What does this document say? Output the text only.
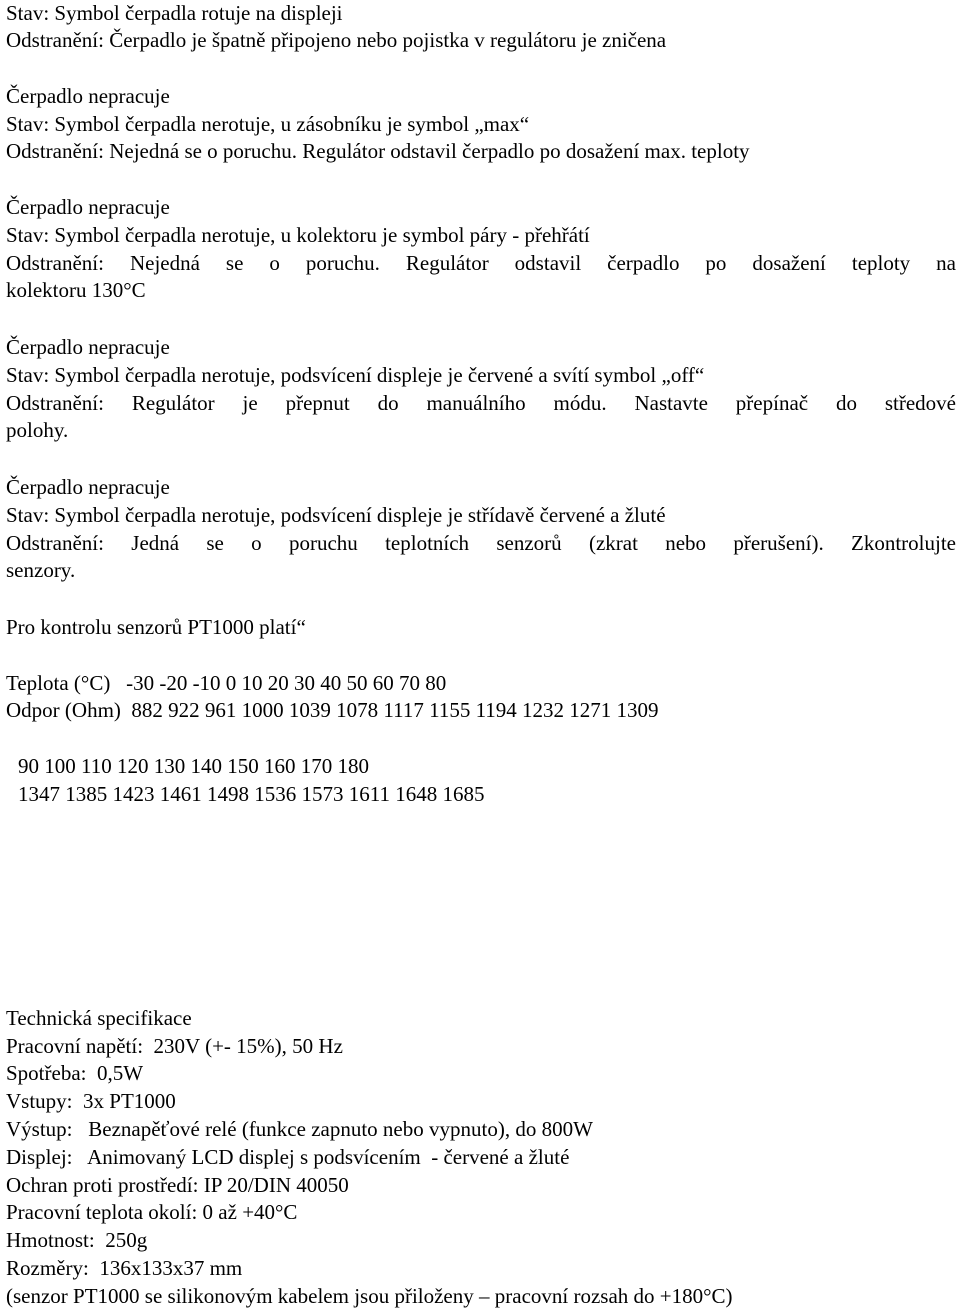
Stav: Symbol čerpadla rotuje na displeji
Odstranění: Čerpadlo je špatně připojeno nebo pojistka v regulátoru je zničena
Čerpadlo nepracuje
Stav: Symbol čerpadla nerotuje, u zásobníku je symbol „max“
Odstranění: Nejedná se o poruchu. Regulátor odstavil čerpadlo po dosažení max. teploty
Čerpadlo nepracuje
Stav: Symbol čerpadla nerotuje, u kolektoru je symbol páry - přehřátí
Odstranění: Nejedná se o poruchu. Regulátor odstavil čerpadlo po dosažení teploty na
kolektoru 130°C
Čerpadlo nepracuje
Stav: Symbol čerpadla nerotuje, podsvícení displeje je červené a svítí symbol „off“
Odstranění: Regulátor je přepnut do manuálního módu. Nastavte přepínač do středové
polohy.
Čerpadlo nepracuje
Stav: Symbol čerpadla nerotuje, podsvícení displeje je střídavě červené a žluté
Odstranění: Jedná se o poruchu teplotních senzorů (zkrat nebo přerušení). Zkontrolujte
senzory.
Pro kontrolu senzorů PT1000 platí“
Teplota (°C) -30 -20 -10 0 10 20 30 40 50 60 70 80
Odpor (Ohm) 882 922 961 1000 1039 1078 1117 1155 1194 1232 1271 1309
90 100 110 120 130 140 150 160 170 180
1347 1385 1423 1461 1498 1536 1573 1611 1648 1685
Technická specifikace
Pracovní napětí: 230V (+- 15%), 50 Hz
Spotřeba: 0,5W
Vstupy: 3x PT1000
Výstup: Beznapěťové relé (funkce zapnuto nebo vypnuto), do 800W
Displej: Animovaný LCD displej s podsvícením  - červené a žluté
Ochran proti prostředí: IP 20/DIN 40050
Pracovní teplota okolí: 0 až +40°C
Hmotnost: 250g
Rozměry: 136x133x37 mm
(senzor PT1000 se silikonovým kabelem jsou přiloženy – pracovní rozsah do +180°C)
